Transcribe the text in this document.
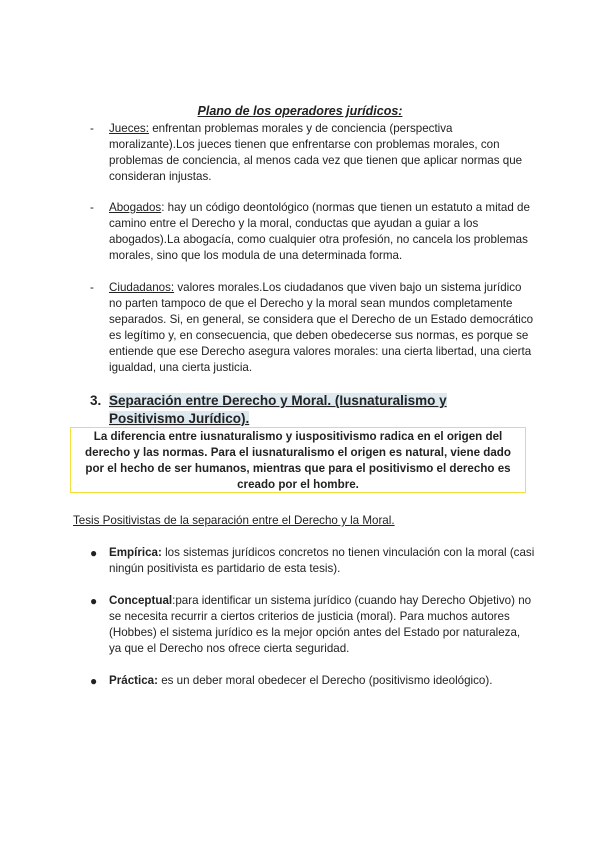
Plano de los operadores jurídicos:
- Jueces: enfrentan problemas morales y de conciencia (perspectiva moralizante).Los jueces tienen que enfrentarse con problemas morales, con problemas de conciencia, al menos cada vez que tienen que aplicar normas que consideran injustas.
- Abogados: hay un código deontológico (normas que tienen un estatuto a mitad de camino entre el Derecho y la moral, conductas que ayudan a guiar a los abogados).La abogacía, como cualquier otra profesión, no cancela los problemas morales, sino que los modula de una determinada forma.
- Ciudadanos: valores morales.Los ciudadanos que viven bajo un sistema jurídico no parten tampoco de que el Derecho y la moral sean mundos completamente separados. Si, en general, se considera que el Derecho de un Estado democrático es legítimo y, en consecuencia, que deben obedecerse sus normas, es porque se entiende que ese Derecho asegura valores morales: una cierta libertad, una cierta igualdad, una cierta justicia.
3. Separación entre Derecho y Moral. (Iusnaturalismo y Positivismo Jurídico).
La diferencia entre iusnaturalismo y iuspositivismo radica en el origen del derecho y las normas. Para el iusnaturalismo el origen es natural, viene dado por el hecho de ser humanos, mientras que para el positivismo el derecho es creado por el hombre.
Tesis Positivistas de la separación entre el Derecho y la Moral.
● Empírica: los sistemas jurídicos concretos no tienen vinculación con la moral (casi ningún positivista es partidario de esta tesis).
● Conceptual:para identificar un sistema jurídico (cuando hay Derecho Objetivo) no se necesita recurrir a ciertos criterios de justicia (moral). Para muchos autores (Hobbes) el sistema jurídico es la mejor opción antes del Estado por naturaleza, ya que el Derecho nos ofrece cierta seguridad.
● Práctica: es un deber moral obedecer el Derecho (positivismo ideológico).
